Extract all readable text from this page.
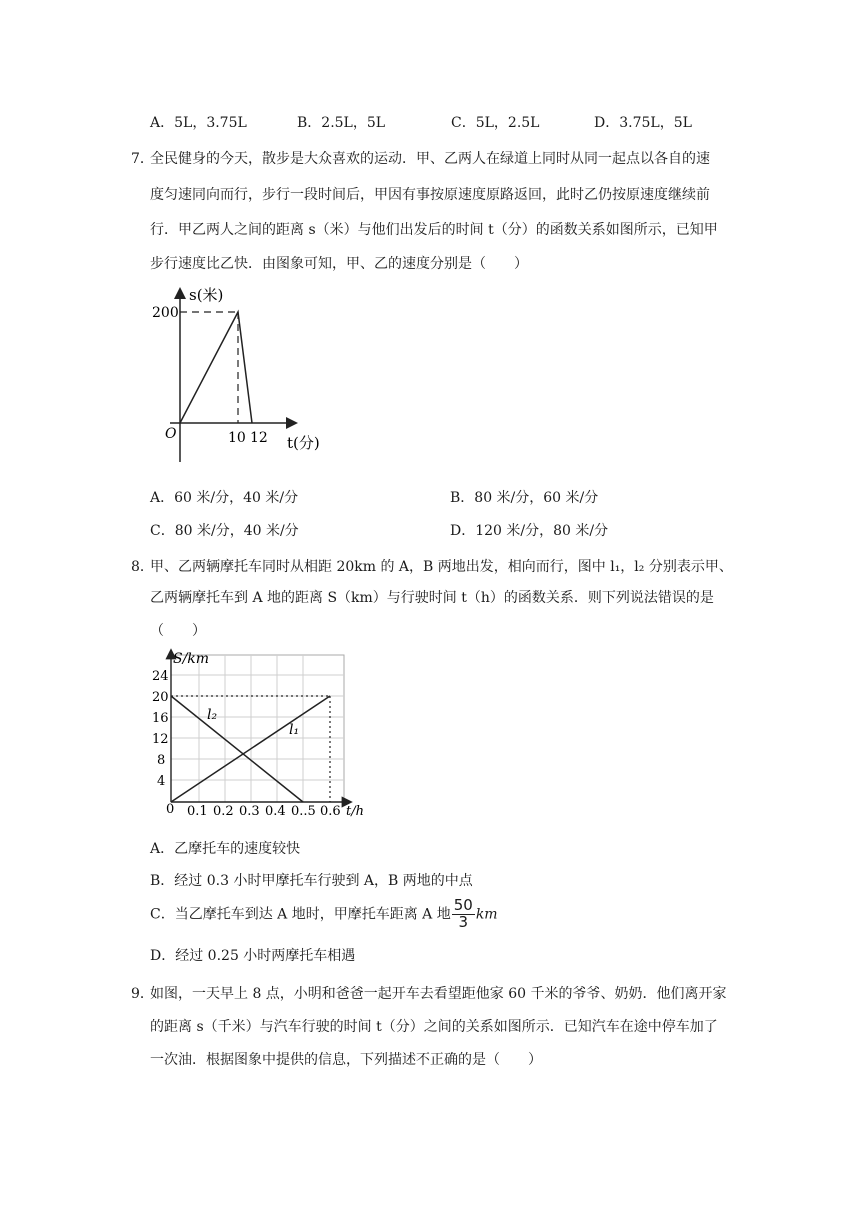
A．5L，3.75L	B．2.5L，5L	C．5L，2.5L	D．3.75L，5L
7．
全民健身的今天，散步是大众喜欢的运动．甲、乙两人在绿道上同时从同一起点以各自的速
度匀速同向而行，步行一段时间后，甲因有事按原速度原路返回，此时乙仍按原速度继续前
行．甲乙两人之间的距离 s（米）与他们出发后的时间 t（分）的函数关系如图所示，已知甲
步行速度比乙快．由图象可知，甲、乙的速度分别是（　　）
s(米)
t(分)
200
O	10 12
A．60 米/分，40 米/分	B．80 米/分，60 米/分
C．80 米/分，40 米/分	D．120 米/分，80 米/分
8．
甲、乙两辆摩托车同时从相距 20km 的 A，B 两地出发，相向而行，图中 l₁，l₂ 分别表示甲、
乙两辆摩托车到 A 地的距离 S（km）与行驶时间 t（h）的函数关系．则下列说法错误的是
（　　）
S/km
t/h
l₂
l₁
24
20
16
12
8
4
0 0.1 0.2 0.3 0.4 0..5 0.6
A．乙摩托车的速度较快
B．经过 0.3 小时甲摩托车行驶到 A，B 两地的中点
C．当乙摩托车到达 A 地时，甲摩托车距离 A 地 $\frac{50}{3}$ km
D．经过 0.25 小时两摩托车相遇
9．
如图，一天早上 8 点，小明和爸爸一起开车去看望距他家 60 千米的爷爷、奶奶．他们离开家
的距离 s（千米）与汽车行驶的时间 t（分）之间的关系如图所示．已知汽车在途中停车加了
一次油．根据图象中提供的信息，下列描述不正确的是（　　）
